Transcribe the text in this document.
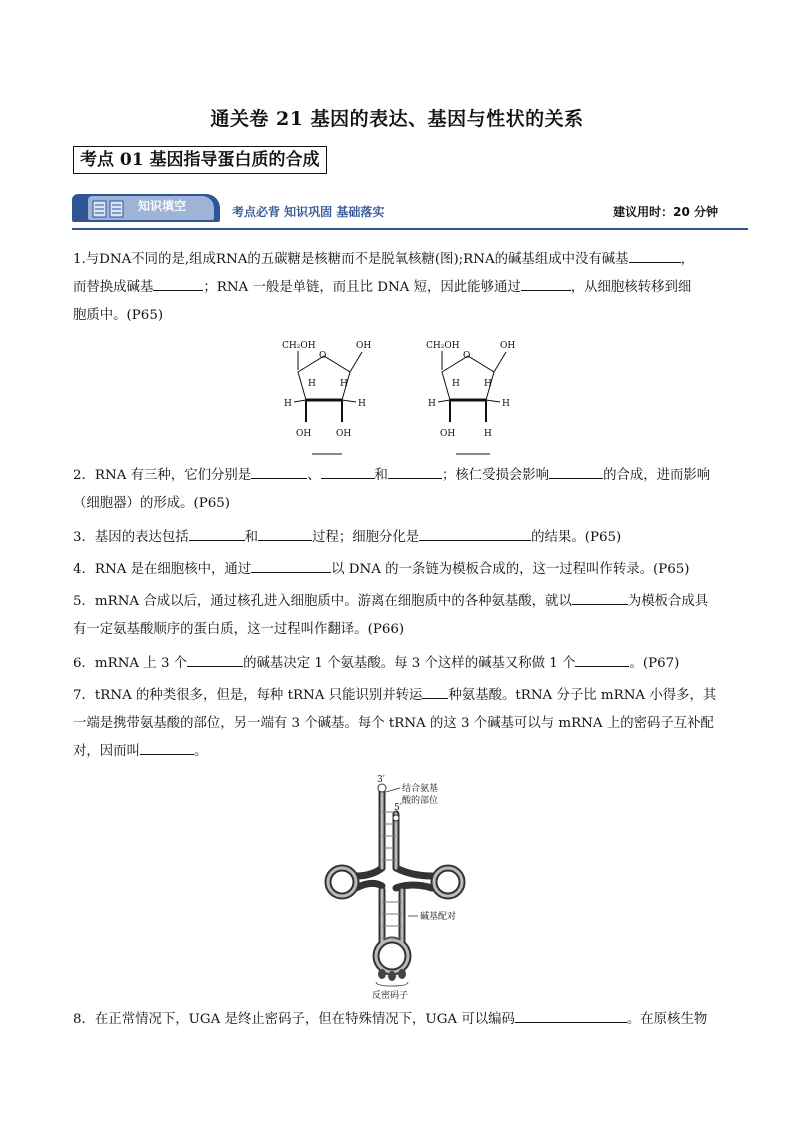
通关卷 21 基因的表达、基因与性状的关系
考点 01 基因指导蛋白质的合成
知识填空	考点必背 知识巩固 基础落实	建议用时：20 分钟
1.与DNA不同的是,组成RNA的五碳糖是核糖而不是脱氧核糖(图);RNA的碱基组成中没有碱基	，
而替换成碱基	；RNA 一般是单链，而且比 DNA 短，因此能够通过	，从细胞核转移到细
胞质中。(P65)
CH₂OH	OH
O
H	H
H	H
OH	OH
CH₂OH	OH
O
H	H
H	H
OH	H
2．RNA 有三种，它们分别是	、	和	；核仁受损会影响	的合成，进而影响
（细胞器）的形成。(P65)
3．基因的表达包括	和	过程；细胞分化是	的结果。(P65)
4．RNA 是在细胞核中，通过	以 DNA 的一条链为模板合成的，这一过程叫作转录。(P65)
5．mRNA 合成以后，通过核孔进入细胞质中。游离在细胞质中的各种氨基酸，就以	为模板合成具
有一定氨基酸顺序的蛋白质，这一过程叫作翻译。(P66)
6．mRNA 上 3 个	的碱基决定 1 个氨基酸。每 3 个这样的碱基又称做 1 个	。(P67)
7．tRNA 的种类很多，但是，每种 tRNA 只能识别并转运 种氨基酸。tRNA 分子比 mRNA 小得多，其
一端是携带氨基酸的部位，另一端有 3 个碱基。每个 tRNA 的这 3 个碱基可以与 mRNA 上的密码子互补配
对，因而叫	。
3′
5′
结合氨基
酸的部位
碱基配对
反密码子
8．在正常情况下，UGA 是终止密码子，但在特殊情况下，UGA 可以编码	。在原核生物
